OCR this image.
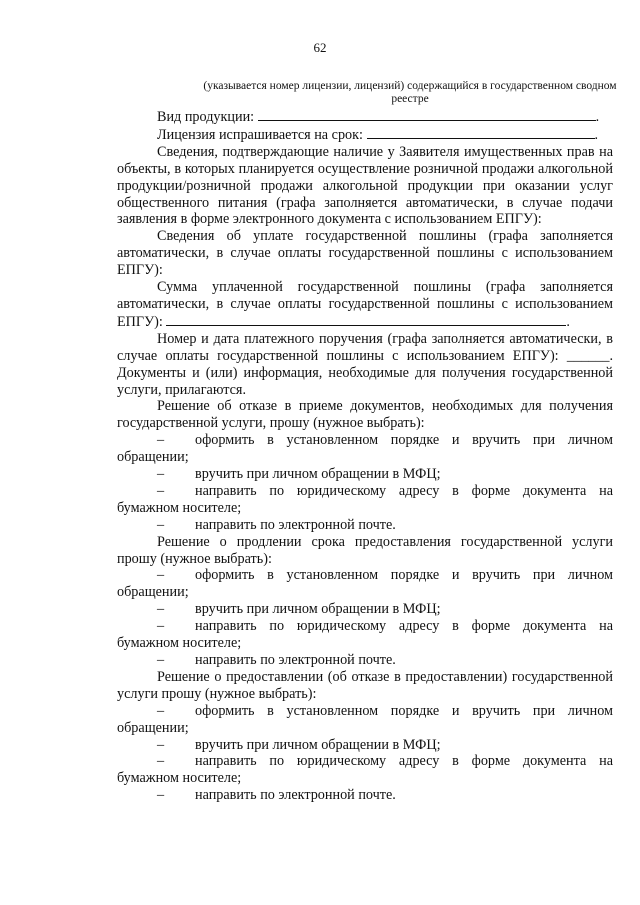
62
(указывается номер лицензии, лицензий) содержащийся в государственном сводном реестре

Вид продукции:	.

Лицензия испрашивается на срок:	.

Сведения, подтверждающие наличие у Заявителя имущественных прав на объекты, в которых планируется осуществление розничной продажи алкогольной продукции/розничной продажи алкогольной продукции при оказании услуг общественного питания (графа заполняется автоматически, в случае подачи заявления в форме электронного документа с использованием ЕПГУ):

Сведения об уплате государственной пошлины (графа заполняется автоматически, в случае оплаты государственной пошлины с использованием ЕПГУ):

Сумма уплаченной государственной пошлины (графа заполняется автоматически, в случае оплаты государственной пошлины с использованием ЕПГУ):	.

Номер и дата платежного поручения (графа заполняется автоматически, в случае оплаты государственной пошлины с использованием ЕПГУ): ______. Документы и (или) информация, необходимые для получения государственной услуги, прилагаются.

Решение об отказе в приеме документов, необходимых для получения государственной услуги, прошу (нужное выбрать):

– оформить в установленном порядке и вручить при личном обращении;

– вручить при личном обращении в МФЦ;

– направить по юридическому адресу в форме документа на бумажном носителе;

– направить по электронной почте.

Решение о продлении срока предоставления государственной услуги прошу (нужное выбрать):

– оформить в установленном порядке и вручить при личном обращении;

– вручить при личном обращении в МФЦ;

– направить по юридическому адресу в форме документа на бумажном носителе;

– направить по электронной почте.

Решение о предоставлении (об отказе в предоставлении) государственной услуги прошу (нужное выбрать):

– оформить в установленном порядке и вручить при личном обращении;

– вручить при личном обращении в МФЦ;

– направить по юридическому адресу в форме документа на бумажном носителе;

– направить по электронной почте.
